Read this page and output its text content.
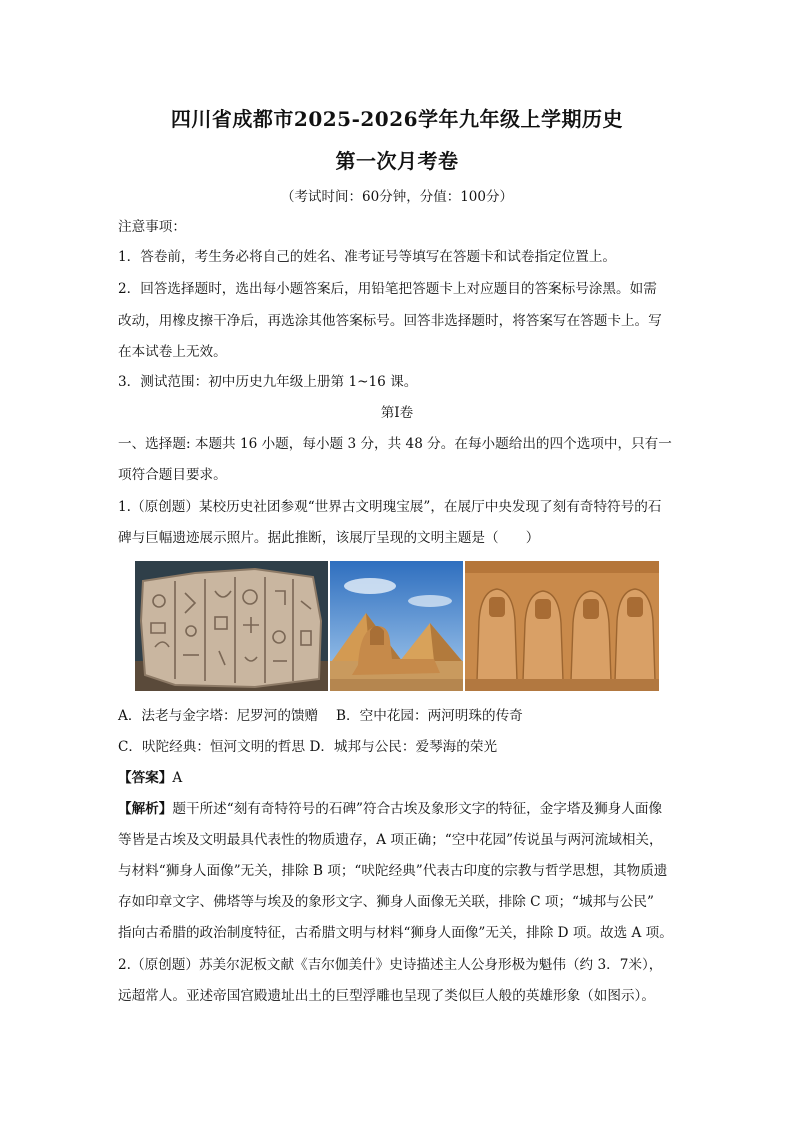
四川省成都市2025-2026学年九年级上学期历史
第一次月考卷
（考试时间：60分钟，分值：100分）
注意事项：
1．答卷前，考生务必将自己的姓名、准考证号等填写在答题卡和试卷指定位置上。
2．回答选择题时，选出每小题答案后，用铅笔把答题卡上对应题目的答案标号涂黑。如需
改动，用橡皮擦干净后，再选涂其他答案标号。回答非选择题时，将答案写在答题卡上。写
在本试卷上无效。
3．测试范围：初中历史九年级上册第 1~16 课。
第Ⅰ卷
一、选择题: 本题共 16 小题，每小题 3 分，共 48 分。在每小题给出的四个选项中，只有一
项符合题目要求。
1.（原创题）某校历史社团参观“世界古文明瑰宝展”，在展厅中央发现了刻有奇特符号的石
碑与巨幅遗迹展示照片。据此推断，该展厅呈现的文明主题是（　　）
A．法老与金字塔：尼罗河的馈赠　 B．空中花园：两河明珠的传奇
C．吠陀经典：恒河文明的哲思 D．城邦与公民：爱琴海的荣光
【答案】A
【解析】题干所述“刻有奇特符号的石碑”符合古埃及象形文字的特征，金字塔及狮身人面像
等皆是古埃及文明最具代表性的物质遗存，A 项正确；“空中花园”传说虽与两河流域相关，
与材料“狮身人面像”无关，排除 B 项；“吠陀经典”代表古印度的宗教与哲学思想，其物质遗
存如印章文字、佛塔等与埃及的象形文字、狮身人面像无关联，排除 C 项；“城邦与公民”
指向古希腊的政治制度特征，古希腊文明与材料“狮身人面像”无关，排除 D 项。故选 A 项。
2.（原创题）苏美尔泥板文献《吉尔伽美什》史诗描述主人公身形极为魁伟（约 3．7米），
远超常人。亚述帝国宫殿遗址出土的巨型浮雕也呈现了类似巨人般的英雄形象（如图示）。
